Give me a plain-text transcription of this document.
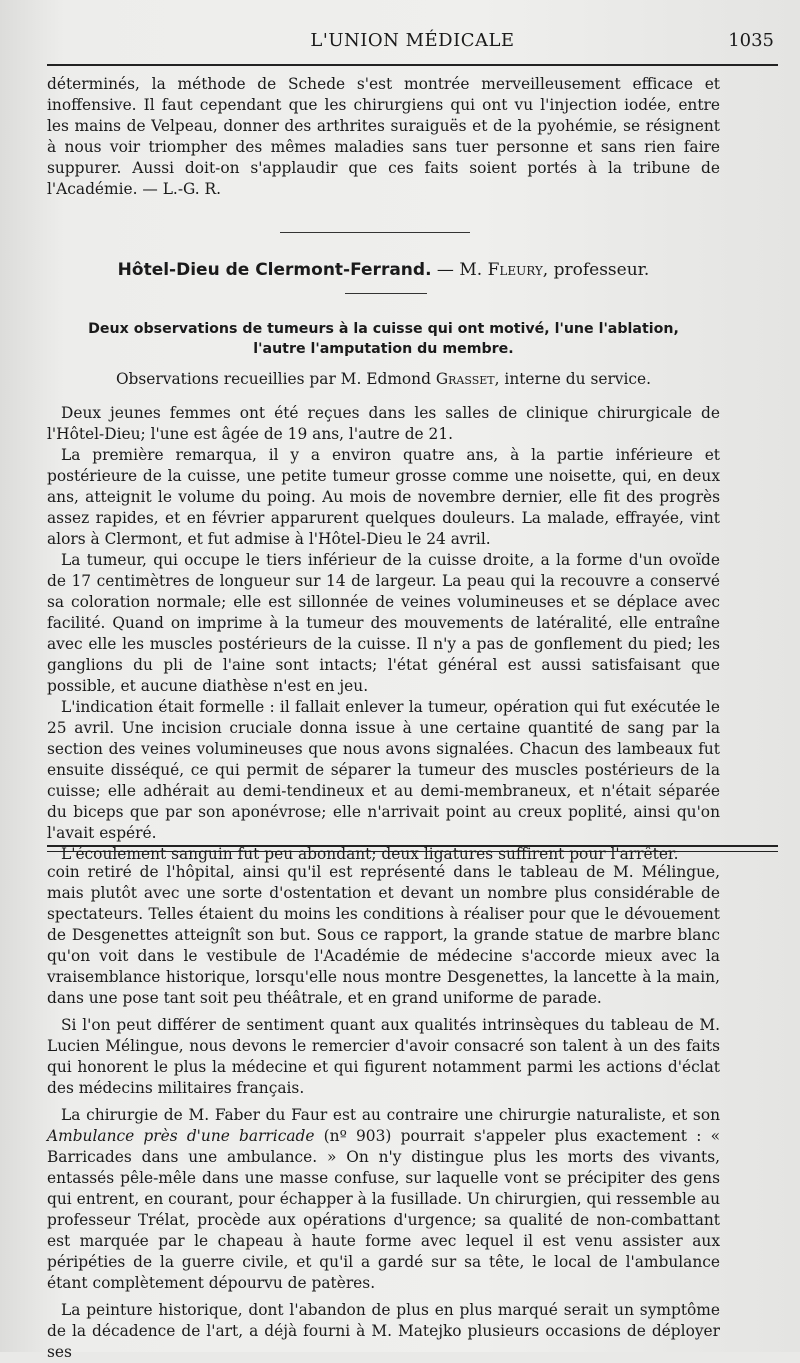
L'UNION MÉDICALE	1035

déterminés, la méthode de Schede s'est montrée merveilleusement efficace et inoffensive. Il faut cependant que les chirurgiens qui ont vu l'injection iodée, entre les mains de Velpeau, donner des arthrites suraiguës et de la pyohémie, se résignent à nous voir triompher des mêmes maladies sans tuer personne et sans rien faire suppurer. Aussi doit-on s'applaudir que ces faits soient portés à la tribune de l'Académie. — L.-G. R.

Hôtel-Dieu de Clermont-Ferrand. — M. Fleury, professeur.
Deux observations de tumeurs à la cuisse qui ont motivé, l'une l'ablation,
l'autre l'amputation du membre.
Observations recueillies par M. Edmond Grasset, interne du service.

Deux jeunes femmes ont été reçues dans les salles de clinique chirurgicale de l'Hôtel-Dieu; l'une est âgée de 19 ans, l'autre de 21.

La première remarqua, il y a environ quatre ans, à la partie inférieure et postérieure de la cuisse, une petite tumeur grosse comme une noisette, qui, en deux ans, atteignit le volume du poing. Au mois de novembre dernier, elle fit des progrès assez rapides, et en février apparurent quelques douleurs. La malade, effrayée, vint alors à Clermont, et fut admise à l'Hôtel-Dieu le 24 avril.

La tumeur, qui occupe le tiers inférieur de la cuisse droite, a la forme d'un ovoïde de 17 centimètres de longueur sur 14 de largeur. La peau qui la recouvre a conservé sa coloration normale; elle est sillonnée de veines volumineuses et se déplace avec facilité. Quand on imprime à la tumeur des mouvements de latéralité, elle entraîne avec elle les muscles postérieurs de la cuisse. Il n'y a pas de gonflement du pied; les ganglions du pli de l'aine sont intacts; l'état général est aussi satisfaisant que possible, et aucune diathèse n'est en jeu.

L'indication était formelle : il fallait enlever la tumeur, opération qui fut exécutée le 25 avril. Une incision cruciale donna issue à une certaine quantité de sang par la section des veines volumineuses que nous avons signalées. Chacun des lambeaux fut ensuite disséqué, ce qui permit de séparer la tumeur des muscles postérieurs de la cuisse; elle adhérait au demi-tendineux et au demi-membraneux, et n'était séparée du biceps que par son aponévrose; elle n'arrivait point au creux poplité, ainsi qu'on l'avait espéré.

L'écoulement sanguin fut peu abondant; deux ligatures suffirent pour l'arrêter.

coin retiré de l'hôpital, ainsi qu'il est représenté dans le tableau de M. Mélingue, mais plutôt avec une sorte d'ostentation et devant un nombre plus considérable de spectateurs. Telles étaient du moins les conditions à réaliser pour que le dévouement de Desgenettes atteignît son but. Sous ce rapport, la grande statue de marbre blanc qu'on voit dans le vestibule de l'Académie de médecine s'accorde mieux avec la vraisemblance historique, lorsqu'elle nous montre Desgenettes, la lancette à la main, dans une pose tant soit peu théâtrale, et en grand uniforme de parade.

Si l'on peut différer de sentiment quant aux qualités intrinsèques du tableau de M. Lucien Mélingue, nous devons le remercier d'avoir consacré son talent à un des faits qui honorent le plus la médecine et qui figurent notamment parmi les actions d'éclat des médecins militaires français.

La chirurgie de M. Faber du Faur est au contraire une chirurgie naturaliste, et son Ambulance près d'une barricade (nº 903) pourrait s'appeler plus exactement : « Barricades dans une ambulance. » On n'y distingue plus les morts des vivants, entassés pêle-mêle dans une masse confuse, sur laquelle vont se précipiter des gens qui entrent, en courant, pour échapper à la fusillade. Un chirurgien, qui ressemble au professeur Trélat, procède aux opérations d'urgence; sa qualité de non-combattant est marquée par le chapeau à haute forme avec lequel il est venu assister aux péripéties de la guerre civile, et qu'il a gardé sur sa tête, le local de l'ambulance étant complètement dépourvu de patères.

La peinture historique, dont l'abandon de plus en plus marqué serait un symptôme de la décadence de l'art, a déjà fourni à M. Matejko plusieurs occasions de déployer ses
